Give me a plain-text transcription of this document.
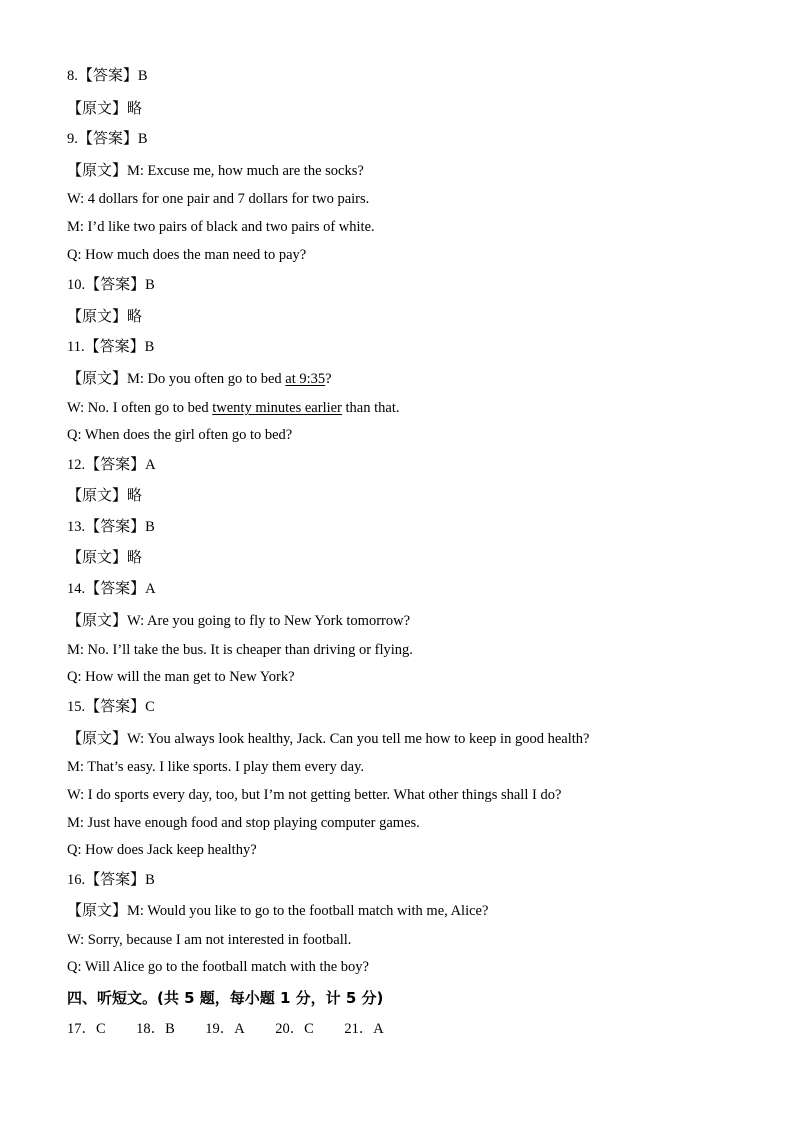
8.【答案】B
【原文】略
9.【答案】B
【原文】M: Excuse me, how much are the socks?
W: 4 dollars for one pair and 7 dollars for two pairs.
M: I’d like two pairs of black and two pairs of white.
Q: How much does the man need to pay?
10.【答案】B
【原文】略
11.【答案】B
【原文】M: Do you often go to bed at 9:35?
W: No. I often go to bed twenty minutes earlier than that.
Q: When does the girl often go to bed?
12.【答案】A
【原文】略
13.【答案】B
【原文】略
14.【答案】A
【原文】W: Are you going to fly to New York tomorrow?
M: No. I’ll take the bus. It is cheaper than driving or flying.
Q: How will the man get to New York?
15.【答案】C
【原文】W: You always look healthy, Jack. Can you tell me how to keep in good health?
M: That’s easy. I like sports. I play them every day.
W: I do sports every day, too, but I’m not getting better. What other things shall I do?
M: Just have enough food and stop playing computer games.
Q: How does Jack keep healthy?
16.【答案】B
【原文】M: Would you like to go to the football match with me, Alice?
W: Sorry, because I am not interested in football.
Q: Will Alice go to the football match with the boy?
四、听短文。(共 5 题，每小题 1 分，计 5 分)
17．C 18．B 19．A 20．C 21．A
